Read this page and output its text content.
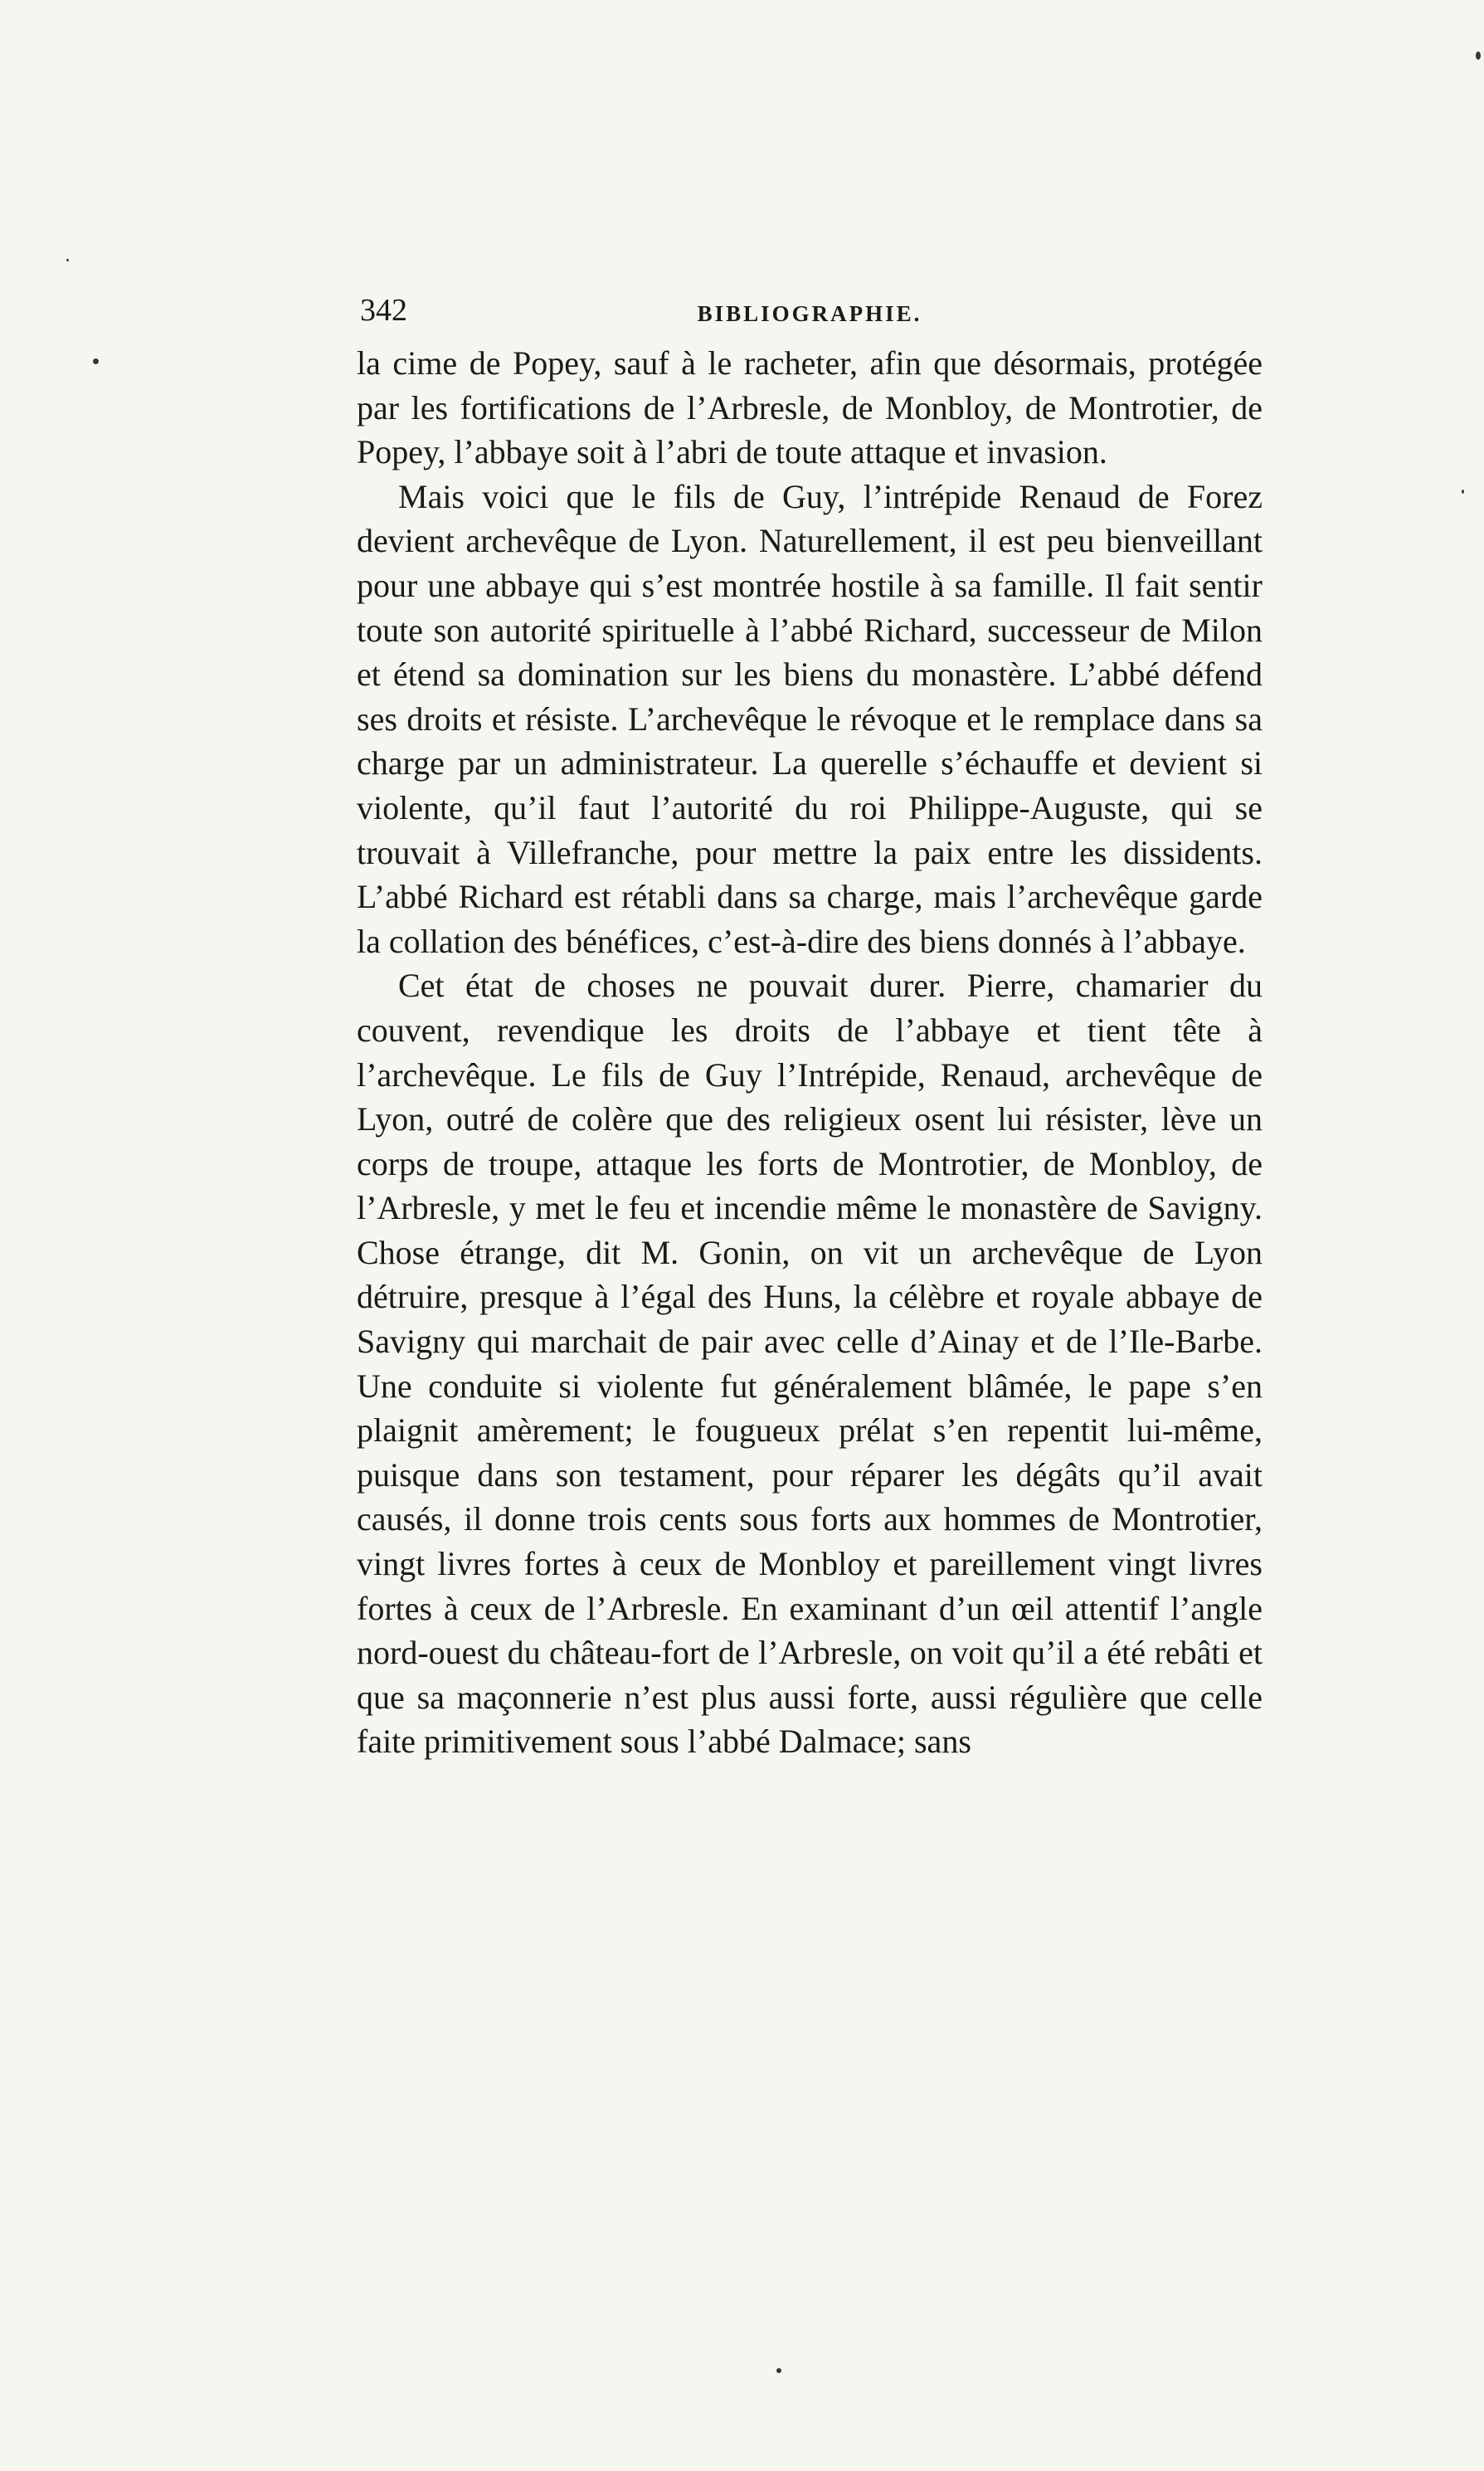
342	BIBLIOGRAPHIE.

la cime de Popey, sauf à le racheter, afin que désormais, protégée par les fortifications de l’Arbresle, de Monbloy, de Montrotier, de Popey, l’abbaye soit à l’abri de toute attaque et invasion.

Mais voici que le fils de Guy, l’intrépide Renaud de Forez devient archevêque de Lyon. Naturellement, il est peu bienveillant pour une abbaye qui s’est montrée hostile à sa famille. Il fait sentir toute son autorité spirituelle à l’abbé Richard, successeur de Milon et étend sa domination sur les biens du monastère. L’abbé défend ses droits et résiste. L’archevêque le révoque et le remplace dans sa charge par un administrateur. La querelle s’échauffe et devient si violente, qu’il faut l’autorité du roi Philippe-Auguste, qui se trouvait à Villefranche, pour mettre la paix entre les dissidents. L’abbé Richard est rétabli dans sa charge, mais l’archevêque garde la collation des bénéfices, c’est-à-dire des biens donnés à l’abbaye.

Cet état de choses ne pouvait durer. Pierre, chamarier du couvent, revendique les droits de l’abbaye et tient tête à l’archevêque. Le fils de Guy l’Intrépide, Renaud, archevêque de Lyon, outré de colère que des religieux osent lui résister, lève un corps de troupe, attaque les forts de Montrotier, de Monbloy, de l’Arbresle, y met le feu et incendie même le monastère de Savigny. Chose étrange, dit M. Gonin, on vit un archevêque de Lyon détruire, presque à l’égal des Huns, la célèbre et royale abbaye de Savigny qui marchait de pair avec celle d’Ainay et de l’Ile-Barbe. Une conduite si violente fut généralement blâmée, le pape s’en plaignit amèrement; le fougueux prélat s’en repentit lui-même, puisque dans son testament, pour réparer les dégâts qu’il avait causés, il donne trois cents sous forts aux hommes de Montrotier, vingt livres fortes à ceux de Monbloy et pareillement vingt livres fortes à ceux de l’Arbresle. En examinant d’un œil attentif l’angle nord-ouest du château-fort de l’Arbresle, on voit qu’il a été rebâti et que sa maçonnerie n’est plus aussi forte, aussi régulière que celle faite primitivement sous l’abbé Dalmace; sans
